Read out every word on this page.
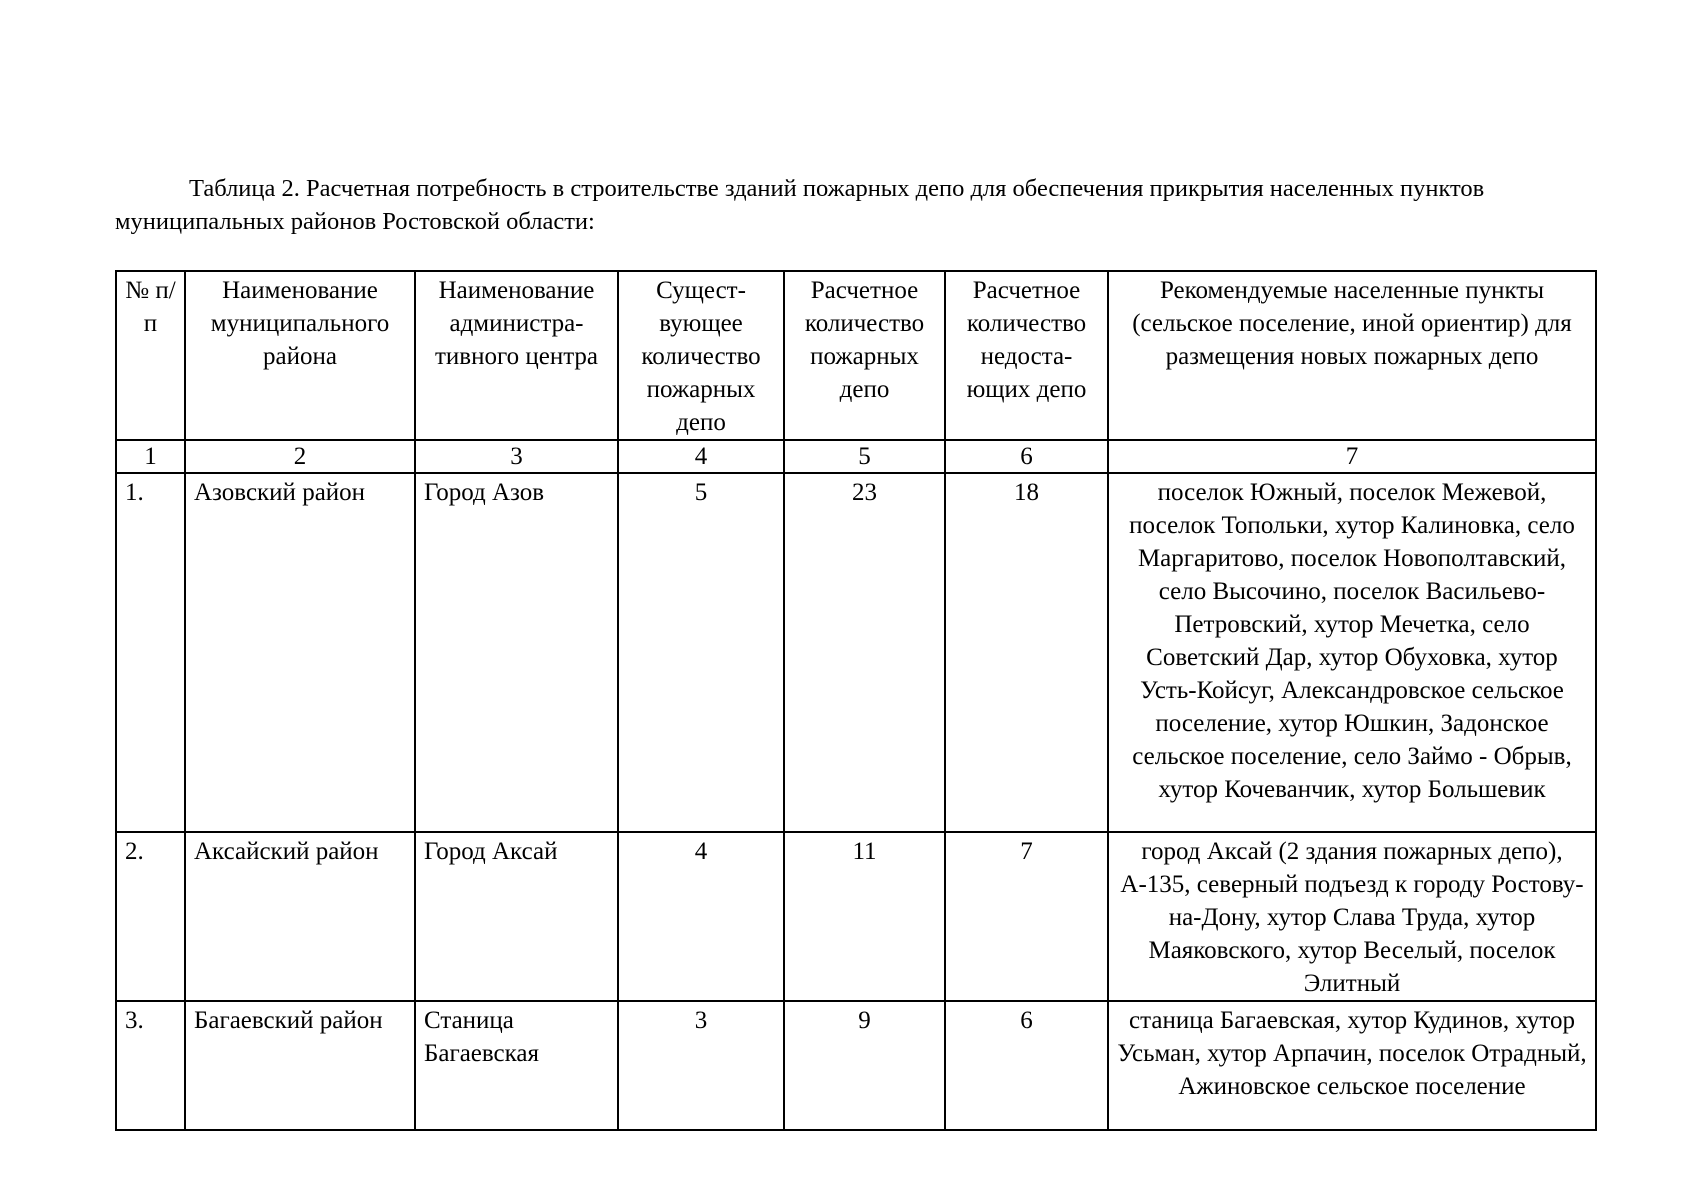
Таблица 2. Расчетная потребность в строительстве зданий пожарных депо для обеспечения прикрытия населенных пунктов муниципальных районов Ростовской области:

№ п/п	Наименование муниципального района	Наименование администра-тивного центра	Сущест-вующее количество пожарных депо	Расчетное количество пожарных депо	Расчетное количество недоста-ющих депо	Рекомендуемые населенные пункты (сельское поселение, иной ориентир) для размещения новых пожарных депо
1	2	3	4	5	6	7
1.	Азовский район	Город Азов	5	23	18	поселок Южный, поселок Межевой, поселок Топольки, хутор Калиновка, село Маргаритово, поселок Новополтавский, село Высочино, поселок Васильево-Петровский, хутор Мечетка, село Советский Дар, хутор Обуховка, хутор Усть-Койсуг, Александровское сельское поселение, хутор Юшкин, Задонское сельское поселение, село Займо - Обрыв, хутор Кочеванчик, хутор Большевик
2.	Аксайский район	Город Аксай	4	11	7	город Аксай (2 здания пожарных депо), А-135, северный подъезд к городу Ростову-на-Дону, хутор Слава Труда, хутор Маяковского, хутор Веселый, поселок Элитный
3.	Багаевский район	Станица Багаевская	3	9	6	станица Багаевская, хутор Кудинов, хутор Усьман, хутор Арпачин, поселок Отрадный, Ажиновское сельское поселение
